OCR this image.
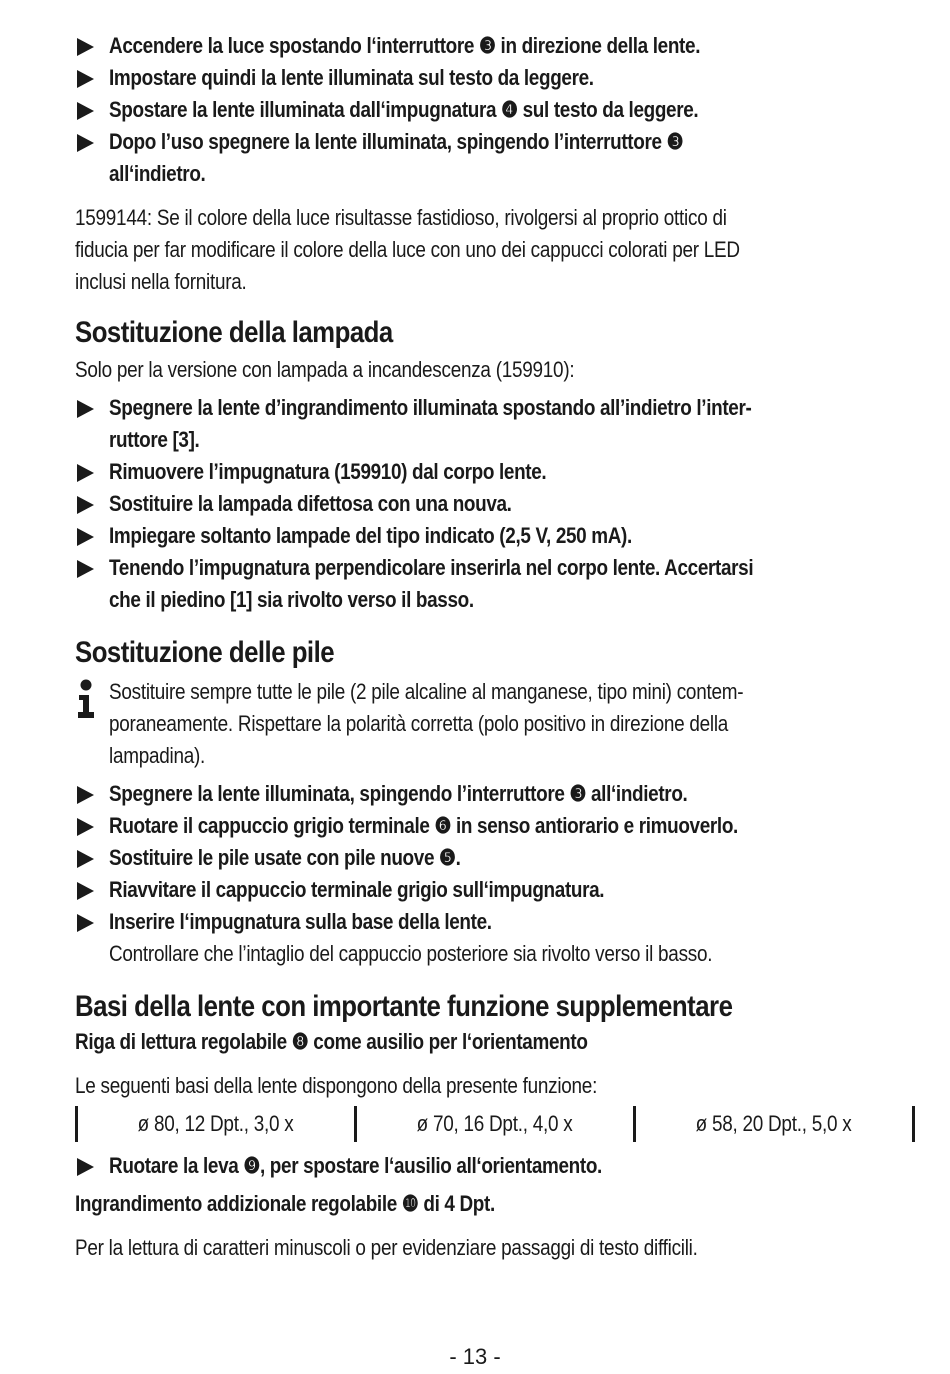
Accendere la luce spostando l‘interruttore ❸ in direzione della lente.
Impostare quindi la lente illuminata sul testo da leggere.
Spostare la lente illuminata dall‘impugnatura ❹ sul testo da leggere.
Dopo l’uso spegnere la lente illuminata, spingendo l’interruttore ❸
all‘indietro.
1599144: Se il colore della luce risultasse fastidioso, rivolgersi al proprio ottico di
fiducia per far modificare il colore della luce con uno dei cappucci colorati per LED
inclusi nella fornitura.
Sostituzione della lampada
Solo per la versione con lampada a incandescenza (159910):
Spegnere la lente d’ingrandimento illuminata spostando all’indietro l’inter-
ruttore [3].
Rimuovere l’impugnatura (159910) dal corpo lente.
Sostituire la lampada difettosa con una nouva.
Impiegare soltanto lampade del tipo indicato (2,5 V, 250 mA).
Tenendo l’impugnatura perpendicolare inserirla nel corpo lente. Accertarsi
che il piedino [1] sia rivolto verso il basso.
Sostituzione delle pile
Sostituire sempre tutte le pile (2 pile alcaline al manganese, tipo mini) contem-
poraneamente. Rispettare la polarità corretta (polo positivo in direzione della
lampadina).
Spegnere la lente illuminata, spingendo l’interruttore ❸ all‘indietro.
Ruotare il cappuccio grigio terminale ❻ in senso antiorario e rimuoverlo.
Sostituire le pile usate con pile nuove ❺.
Riavvitare il cappuccio terminale grigio sull‘impugnatura.
Inserire l‘impugnatura sulla base della lente.
Controllare che l’intaglio del cappuccio posteriore sia rivolto verso il basso.
Basi della lente con importante funzione supplementare
Riga di lettura regolabile ❽ come ausilio per l‘orientamento
Le seguenti basi della lente dispongono della presente funzione:
ø 80, 12 Dpt., 3,0 x	ø 70, 16 Dpt., 4,0 x	ø 58, 20 Dpt., 5,0 x
Ruotare la leva ❾, per spostare l‘ausilio all‘orientamento.
Ingrandimento addizionale regolabile ❿ di 4 Dpt.
Per la lettura di caratteri minuscoli o per evidenziare passaggi di testo difficili.
- 13 -
